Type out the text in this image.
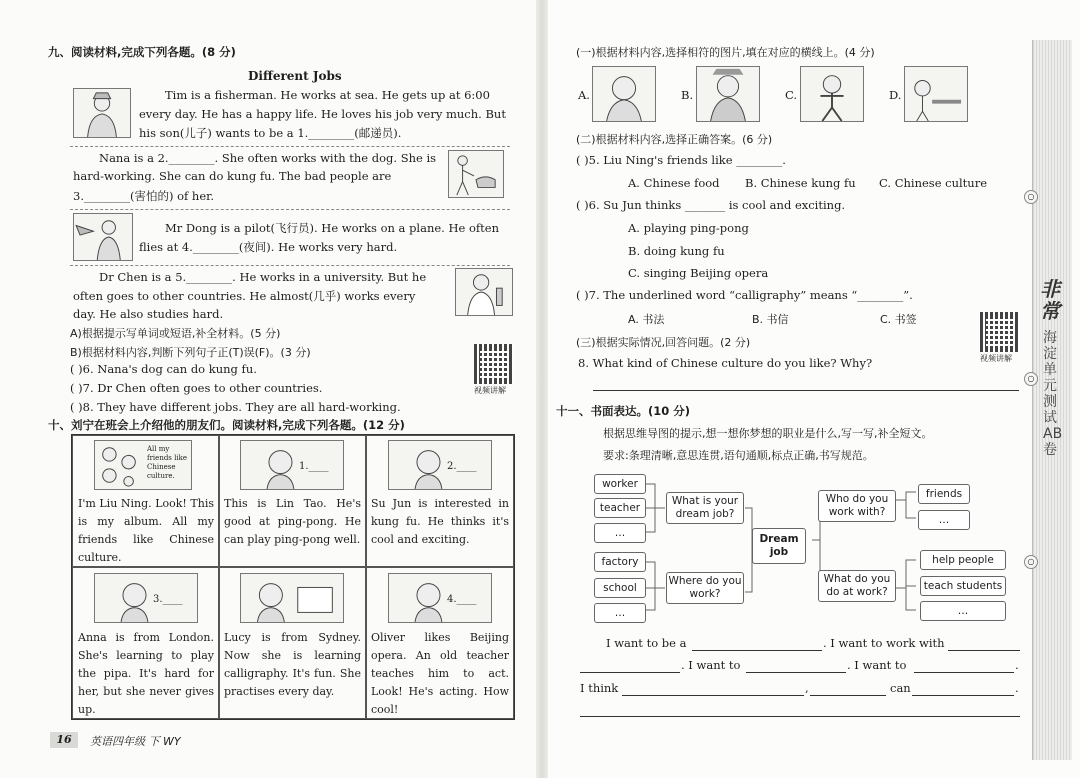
九、阅读材料,完成下列各题。(8 分)
Different Jobs
Tim is a fisherman. He works at sea. He gets up at 6:00
every day. He has a happy life. He loves his job very much. But
his son(儿子) wants to be a 1.________(邮递员).
Nana is a 2.________. She often works with the dog. She is
hard-working. She can do kung fu. The bad people are
3.________(害怕的) of her.
Mr Dong is a pilot(飞行员). He works on a plane. He often
flies at 4.________(夜间). He works very hard.
Dr Chen is a 5.________. He works in a university. But he
often goes to other countries. He almost(几乎) works every
day. He also studies hard.
A)根据提示写单词或短语,补全材料。(5 分)
B)根据材料内容,判断下列句子正(T)误(F)。(3 分)
( )6. Nana's dog can do kung fu.
( )7. Dr Chen often goes to other countries.
( )8. They have different jobs. They are all hard-working.
视频讲解
十、刘宁在班会上介绍他的朋友们。阅读材料,完成下列各题。(12 分)
All my friends like Chinese culture.
1.____	2.____
I'm Liu Ning. Look! This is my album. All my friends like Chinese culture.
This is Lin Tao. He's good at ping-pong. He can play ping-pong well.
Su Jun is interested in kung fu. He thinks it's cool and exciting.
3.____	4.____
Anna is from London. She's learning to play the pipa. It's hard for her, but she never gives up.
Lucy is from Sydney. Now she is learning calligraphy. It's fun. She practises every day.
Oliver likes Beijing opera. An old teacher teaches him to act. Look! He's acting. How cool!
16	英语四年级 下 WY
(一)根据材料内容,选择相符的图片,填在对应的横线上。(4 分)
A.	B.	C.	D.
(二)根据材料内容,选择正确答案。(6 分)
( )5. Liu Ning's friends like ________.
A. Chinese food B. Chinese kung fu C. Chinese culture
( )6. Su Jun thinks _______ is cool and exciting.
A. playing ping-pong
B. doing kung fu
C. singing Beijing opera
( )7. The underlined word “calligraphy” means “________”.
A. 书法	B. 书信	C. 书签
视频讲解
(三)根据实际情况,回答问题。(2 分)
8. What kind of Chinese culture do you like? Why?
十一、书面表达。(10 分)
根据思维导图的提示,想一想你梦想的职业是什么,写一写,补全短文。
要求:条理清晰,意思连贯,语句通顺,标点正确,书写规范。
worker
teacher
…
factory
school
…
What is your dream job?
Where do you work?
Dream job
Who do you work with?
What do you do at work?
friends
…
help people
teach students
…
I want to be a	. I want to work with
. I want to	. I want to	.
I think	,	can	.
○
○
○
非常
海淀单元测试AB卷
